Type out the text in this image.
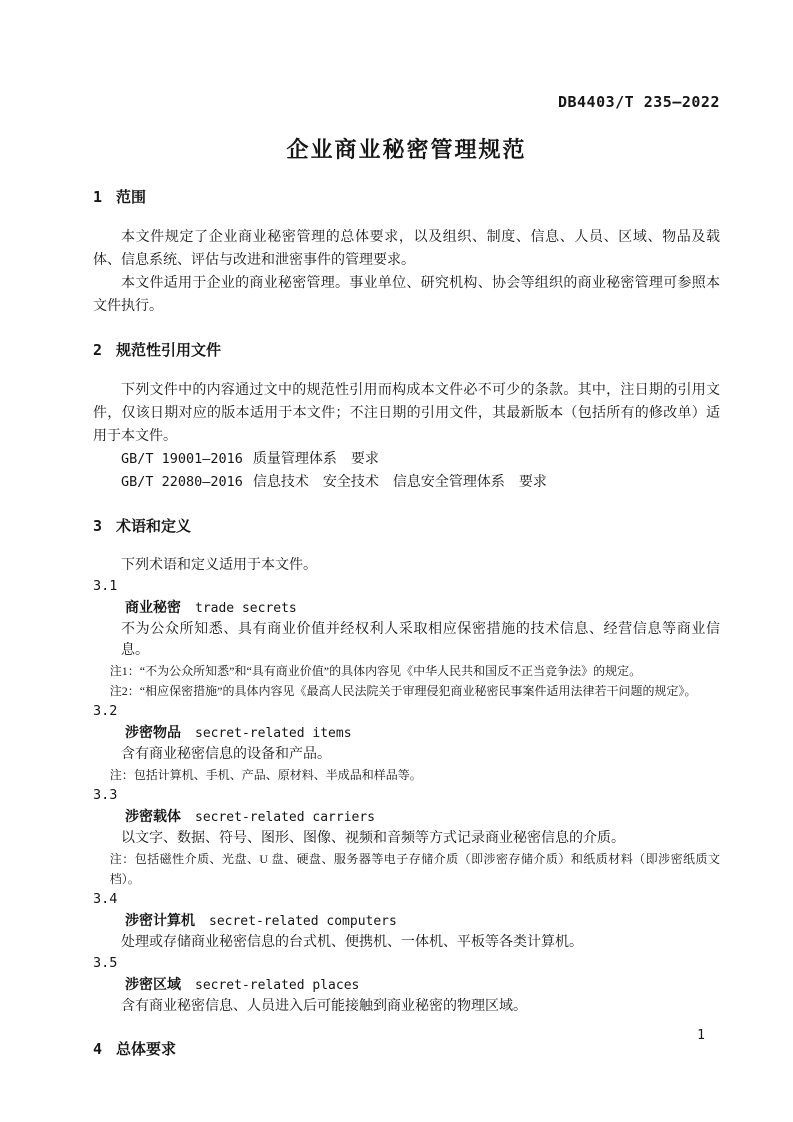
DB4403/T 235—2022
企业商业秘密管理规范
1 范围

本文件规定了企业商业秘密管理的总体要求，以及组织、制度、信息、人员、区域、物品及载体、信息系统、评估与改进和泄密事件的管理要求。

本文件适用于企业的商业秘密管理。事业单位、研究机构、协会等组织的商业秘密管理可参照本文件执行。

2 规范性引用文件

下列文件中的内容通过文中的规范性引用而构成本文件必不可少的条款。其中，注日期的引用文件，仅该日期对应的版本适用于本文件；不注日期的引用文件，其最新版本（包括所有的修改单）适用于本文件。

GB/T 19001—2016 质量管理体系　要求

GB/T 22080—2016 信息技术　安全技术　信息安全管理体系　要求

3 术语和定义

下列术语和定义适用于本文件。

3.1
商业秘密 trade secrets

不为公众所知悉、具有商业价值并经权利人采取相应保密措施的技术信息、经营信息等商业信息。

注1：“不为公众所知悉”和“具有商业价值”的具体内容见《中华人民共和国反不正当竞争法》的规定。

注2：“相应保密措施”的具体内容见《最高人民法院关于审理侵犯商业秘密民事案件适用法律若干问题的规定》。

3.2
涉密物品 secret-related items

含有商业秘密信息的设备和产品。

注：包括计算机、手机、产品、原材料、半成品和样品等。

3.3
涉密载体 secret-related carriers

以文字、数据、符号、图形、图像、视频和音频等方式记录商业秘密信息的介质。

注：包括磁性介质、光盘、U 盘、硬盘、服务器等电子存储介质（即涉密存储介质）和纸质材料（即涉密纸质文档）。

3.4
涉密计算机 secret-related computers

处理或存储商业秘密信息的台式机、便携机、一体机、平板等各类计算机。

3.5
涉密区域 secret-related places

含有商业秘密信息、人员进入后可能接触到商业秘密的物理区域。

4 总体要求
1
